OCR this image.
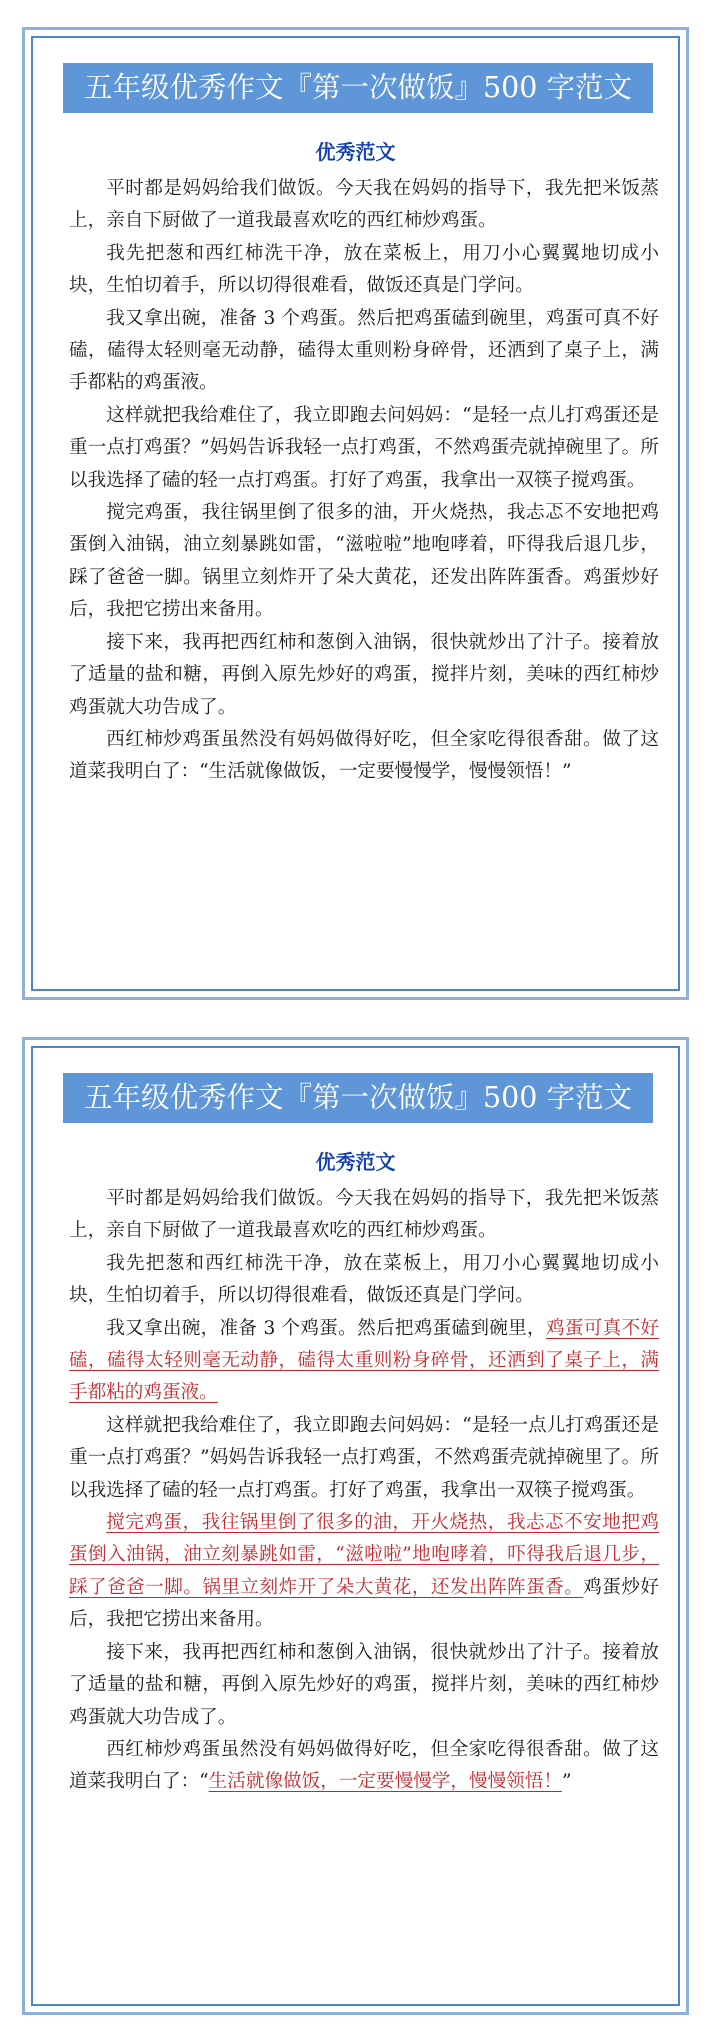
五年级优秀作文『第一次做饭』500 字范文
优秀范文

平时都是妈妈给我们做饭。今天我在妈妈的指导下，我先把米饭蒸上，亲自下厨做了一道我最喜欢吃的西红柿炒鸡蛋。

我先把葱和西红柿洗干净，放在菜板上，用刀小心翼翼地切成小块，生怕切着手，所以切得很难看，做饭还真是门学问。

我又拿出碗，准备 3 个鸡蛋。然后把鸡蛋磕到碗里，鸡蛋可真不好磕，磕得太轻则毫无动静，磕得太重则粉身碎骨，还洒到了桌子上，满手都粘的鸡蛋液。

这样就把我给难住了，我立即跑去问妈妈：“是轻一点儿打鸡蛋还是重一点打鸡蛋？”妈妈告诉我轻一点打鸡蛋，不然鸡蛋壳就掉碗里了。所以我选择了磕的轻一点打鸡蛋。打好了鸡蛋，我拿出一双筷子搅鸡蛋。

搅完鸡蛋，我往锅里倒了很多的油，开火烧热，我忐忑不安地把鸡蛋倒入油锅，油立刻暴跳如雷，“滋啦啦”地咆哮着，吓得我后退几步，踩了爸爸一脚。锅里立刻炸开了朵大黄花，还发出阵阵蛋香。鸡蛋炒好后，我把它捞出来备用。

接下来，我再把西红柿和葱倒入油锅，很快就炒出了汁子。接着放了适量的盐和糖，再倒入原先炒好的鸡蛋，搅拌片刻，美味的西红柿炒鸡蛋就大功告成了。

西红柿炒鸡蛋虽然没有妈妈做得好吃，但全家吃得很香甜。做了这道菜我明白了：“生活就像做饭，一定要慢慢学，慢慢领悟！”

五年级优秀作文『第一次做饭』500 字范文
优秀范文

平时都是妈妈给我们做饭。今天我在妈妈的指导下，我先把米饭蒸上，亲自下厨做了一道我最喜欢吃的西红柿炒鸡蛋。

我先把葱和西红柿洗干净，放在菜板上，用刀小心翼翼地切成小块，生怕切着手，所以切得很难看，做饭还真是门学问。

我又拿出碗，准备 3 个鸡蛋。然后把鸡蛋磕到碗里，鸡蛋可真不好磕，磕得太轻则毫无动静，磕得太重则粉身碎骨，还洒到了桌子上，满手都粘的鸡蛋液。

这样就把我给难住了，我立即跑去问妈妈：“是轻一点儿打鸡蛋还是重一点打鸡蛋？”妈妈告诉我轻一点打鸡蛋，不然鸡蛋壳就掉碗里了。所以我选择了磕的轻一点打鸡蛋。打好了鸡蛋，我拿出一双筷子搅鸡蛋。

搅完鸡蛋，我往锅里倒了很多的油，开火烧热，我忐忑不安地把鸡蛋倒入油锅，油立刻暴跳如雷，“滋啦啦”地咆哮着，吓得我后退几步，踩了爸爸一脚。锅里立刻炸开了朵大黄花，还发出阵阵蛋香。鸡蛋炒好后，我把它捞出来备用。

接下来，我再把西红柿和葱倒入油锅，很快就炒出了汁子。接着放了适量的盐和糖，再倒入原先炒好的鸡蛋，搅拌片刻，美味的西红柿炒鸡蛋就大功告成了。

西红柿炒鸡蛋虽然没有妈妈做得好吃，但全家吃得很香甜。做了这道菜我明白了：“生活就像做饭，一定要慢慢学，慢慢领悟！”
